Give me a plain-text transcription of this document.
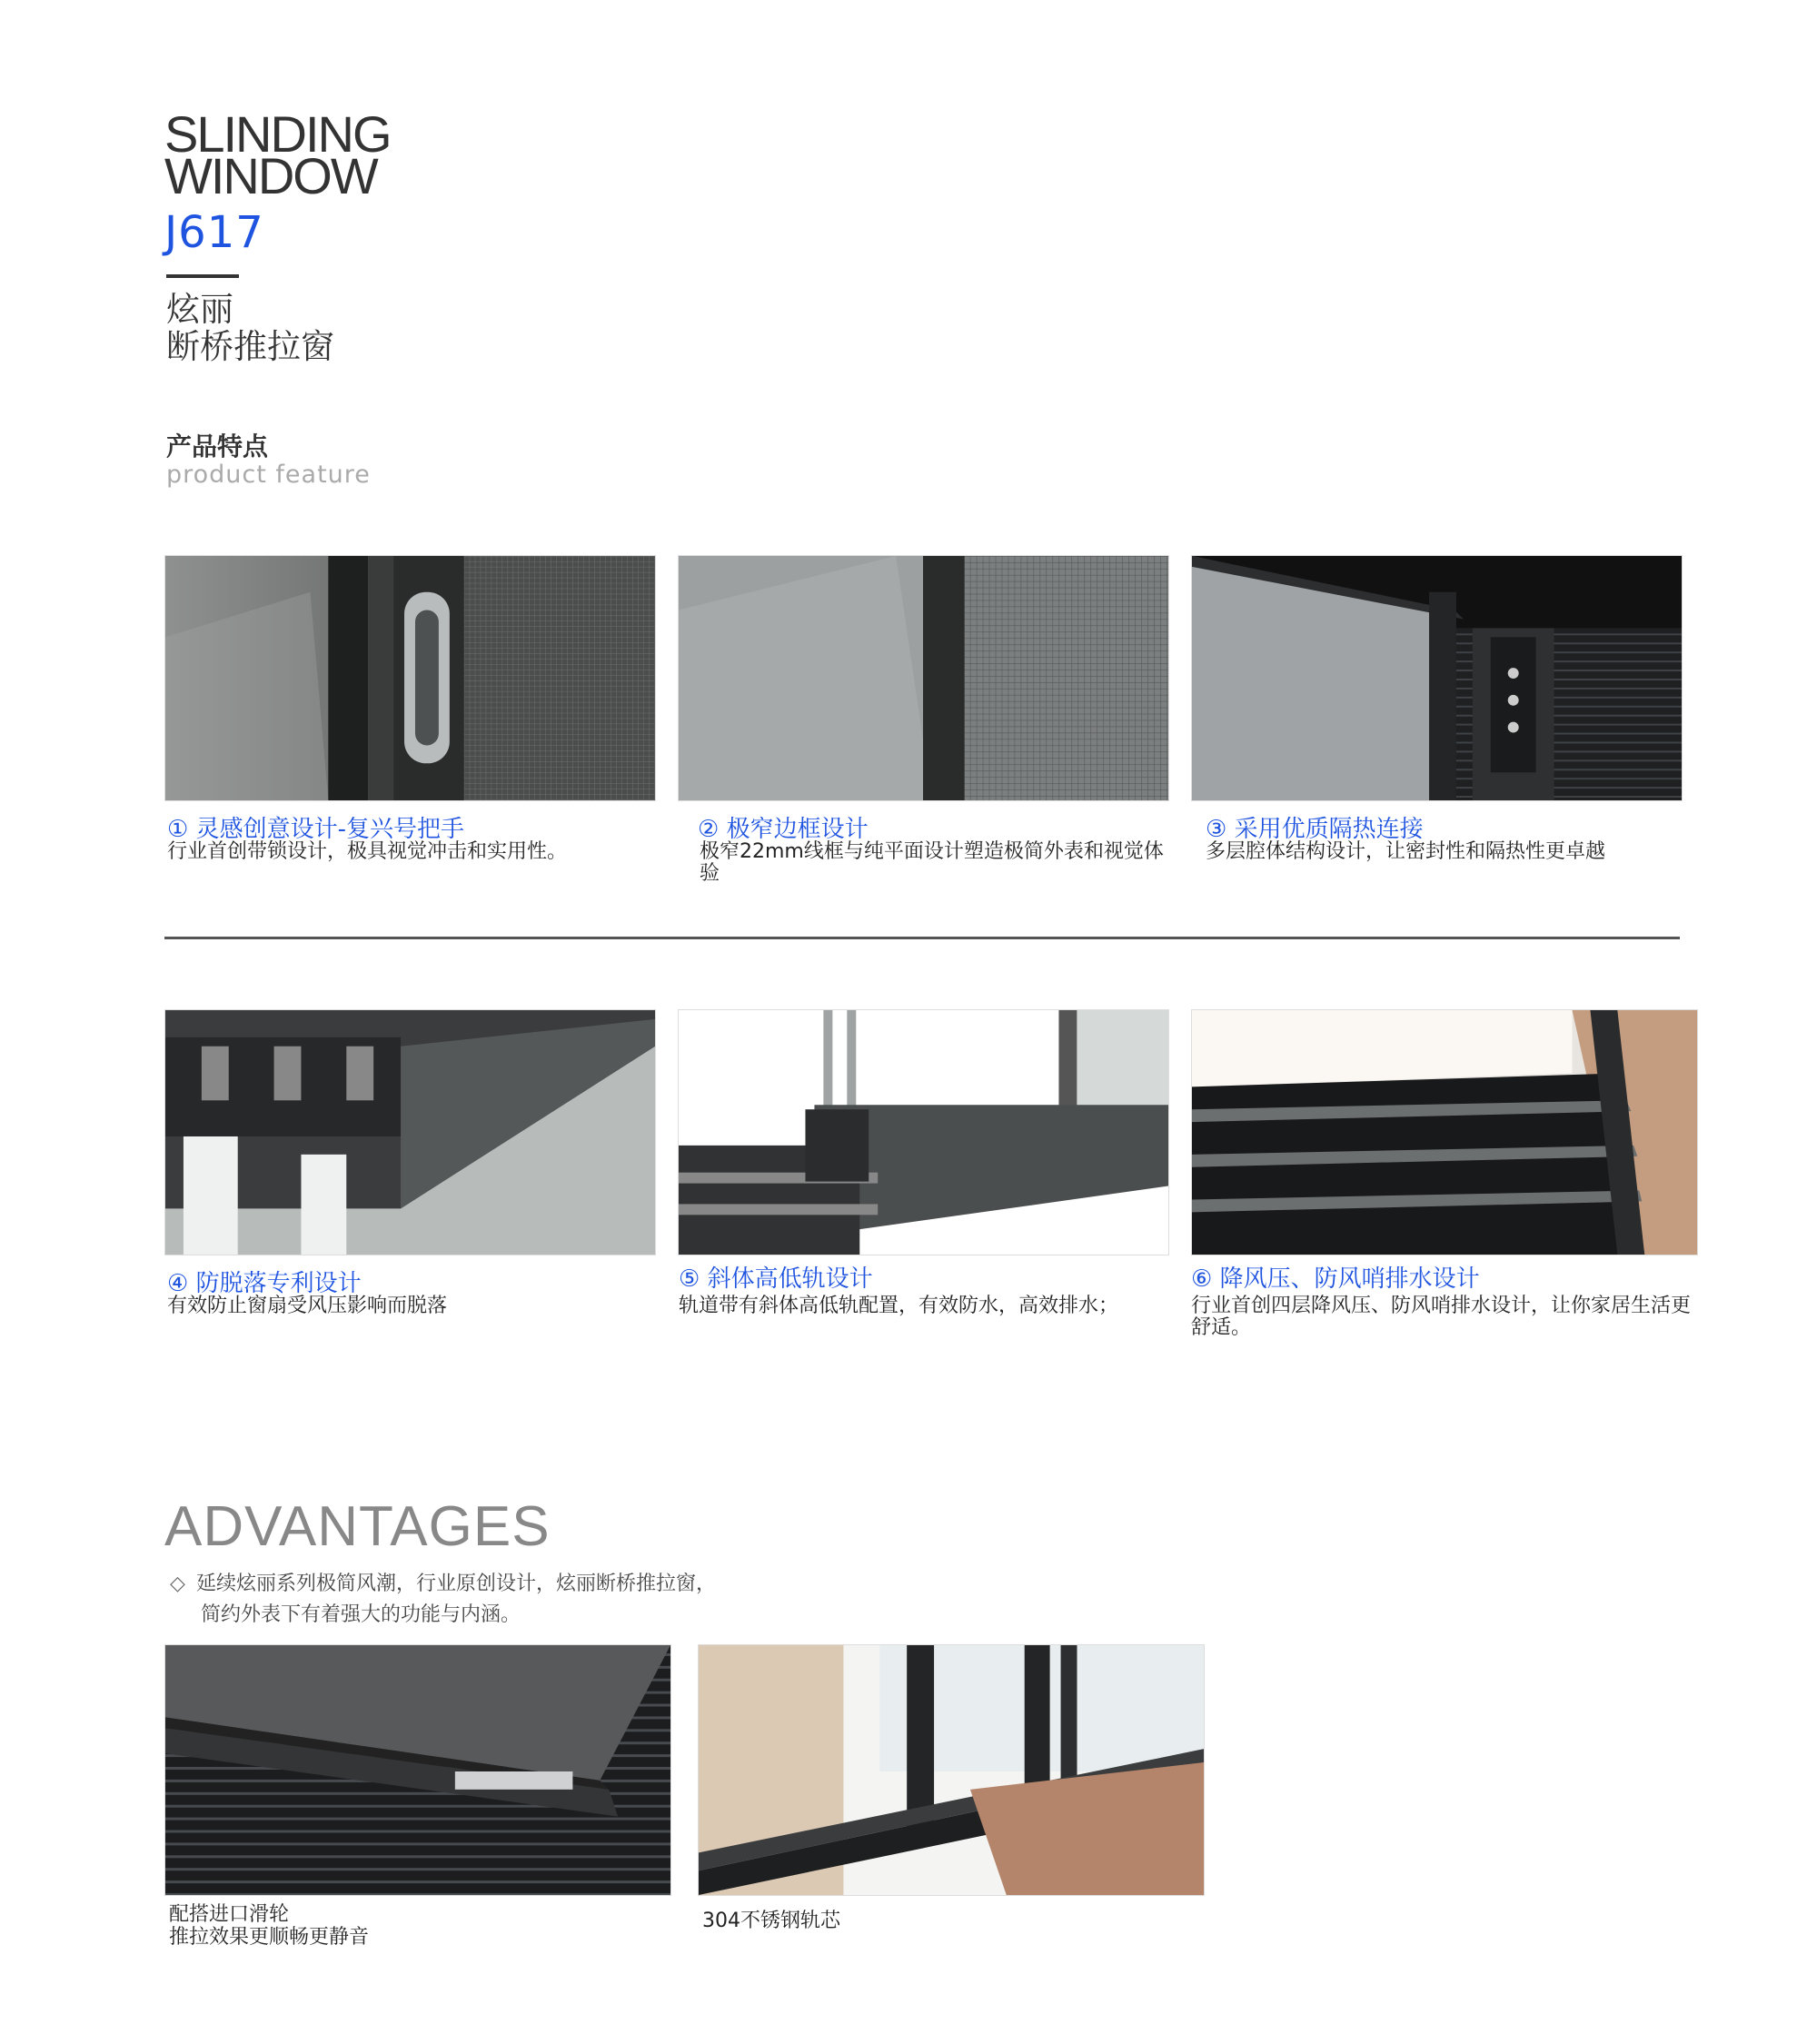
SLINDING
WINDOW
J617
炫丽
断桥推拉窗
产品特点
product feature
① 灵感创意设计-复兴号把手
行业首创带锁设计，极具视觉冲击和实用性。
② 极窄边框设计
极窄22mm线框与纯平面设计塑造极简外表和视觉体验
③ 采用优质隔热连接
多层腔体结构设计，让密封性和隔热性更卓越
④ 防脱落专利设计
有效防止窗扇受风压影响而脱落
⑤ 斜体高低轨设计
轨道带有斜体高低轨配置，有效防水，高效排水；
⑥ 降风压、防风哨排水设计
行业首创四层降风压、防风哨排水设计，让你家居生活更舒适。
ADVANTAGES
◇ 延续炫丽系列极简风潮，行业原创设计，炫丽断桥推拉窗，
简约外表下有着强大的功能与内涵。
配搭进口滑轮
推拉效果更顺畅更静音
304不锈钢轨芯
